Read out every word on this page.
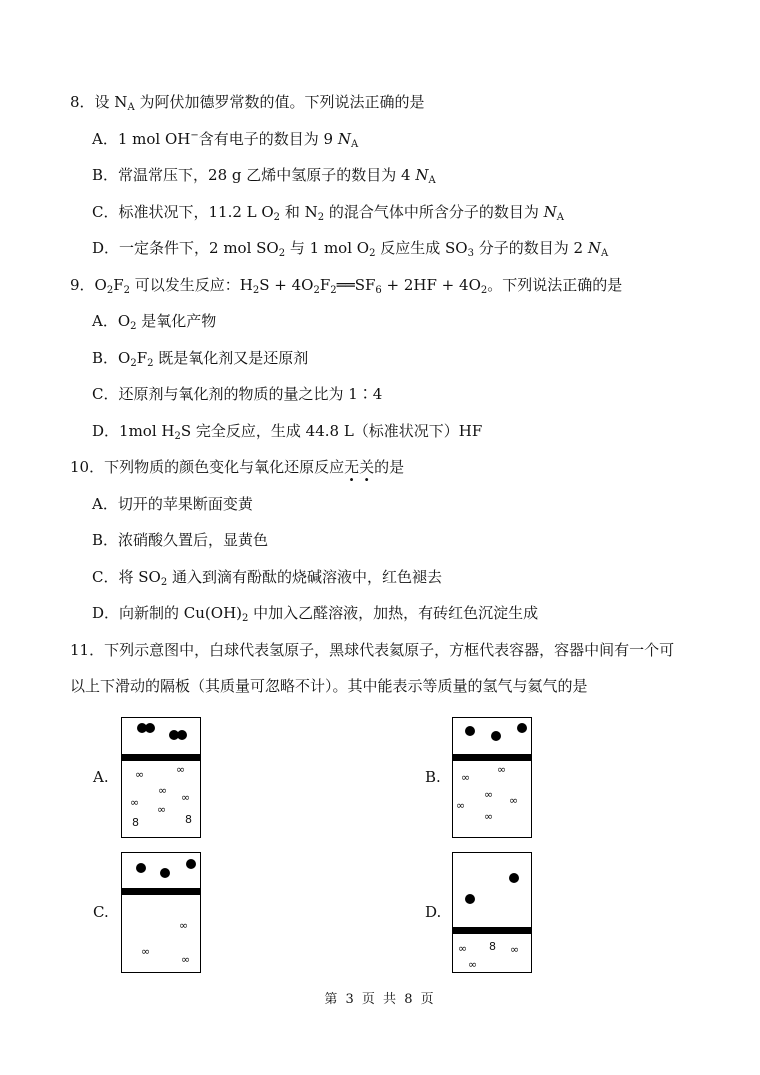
8．设 $N_A$ 为阿伏加德罗常数的值。下列说法正确的是
A．1 mol OH−含有电子的数目为 9 $N_A$
B．常温常压下，28 g 乙烯中氢原子的数目为 4 $N_A$
C．标准状况下，11.2 L $O_2$ 和 $N_2$ 的混合气体中所含分子的数目为 $N_A$
D．一定条件下，2 mol $SO_2$ 与 1 mol $O_2$ 反应生成 $SO_3$ 分子的数目为 2 $N_A$
9．$O_2F_2$ 可以发生反应：$H_2S$ + $4O_2F_2══SF_6 + 2HF + 4O_2$。下列说法正确的是
A．$O_2$ 是氧化产物
B．$O_2F_2$ 既是氧化剂又是还原剂
C．还原剂与氧化剂的物质的量之比为 1∶4
D．1mol $H_2S$ 完全反应，生成 44.8 L（标准状况下）HF
10．下列物质的颜色变化与氧化还原反应无关的是
A．切开的苹果断面变黄
B．浓硝酸久置后，显黄色
C．将 $SO_2$ 通入到滴有酚酞的烧碱溶液中，红色褪去
D．向新制的 $Cu(OH)_2$ 中加入乙醛溶液，加热，有砖红色沉淀生成
11．下列示意图中，白球代表氢原子，黑球代表氦原子，方框代表容器，容器中间有一个可
以上下滑动的隔板（其质量可忽略不计）。其中能表示等质量的氢气与氦气的是
A.	∞
∞
∞
∞
∞
∞
8	8
B.	∞
∞
∞ ∞
∞
∞
C.
∞
∞
∞
D.
∞ 8 ∞
∞
第 3 页 共 8 页
